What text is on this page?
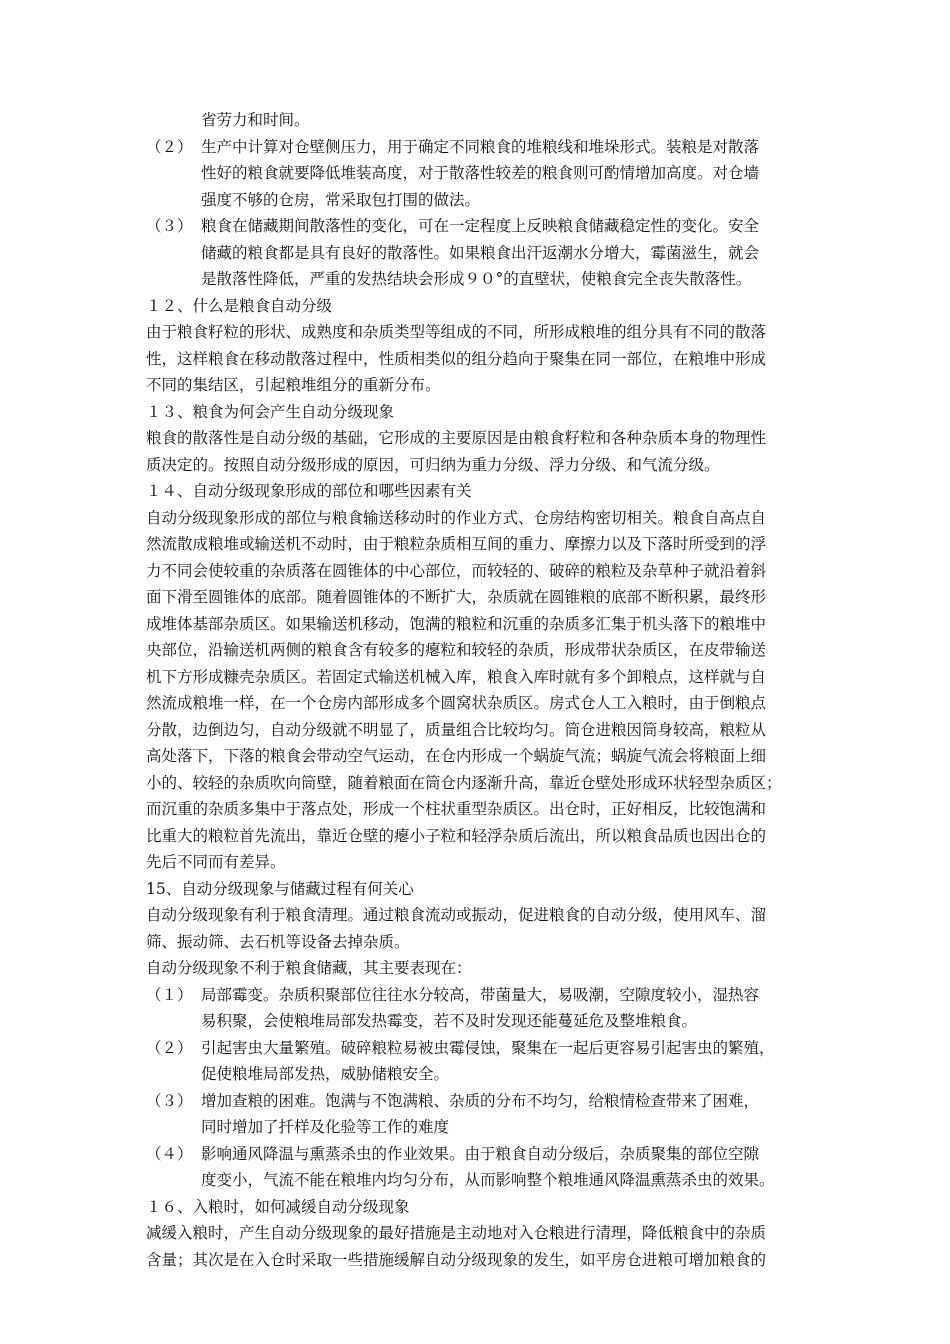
省劳力和时间。
（２） 生产中计算对仓壁侧压力，用于确定不同粮食的堆粮线和堆垛形式。装粮是对散落
性好的粮食就要降低堆装高度，对于散落性较差的粮食则可酌情增加高度。对仓墙
强度不够的仓房，常采取包打围的做法。
（３） 粮食在储藏期间散落性的变化，可在一定程度上反映粮食储藏稳定性的变化。安全
储藏的粮食都是具有良好的散落性。如果粮食出汗返潮水分增大，霉菌滋生，就会
是散落性降低，严重的发热结块会形成９０°的直壁状，使粮食完全丧失散落性。
１２、什么是粮食自动分级
由于粮食籽粒的形状、成熟度和杂质类型等组成的不同，所形成粮堆的组分具有不同的散落
性，这样粮食在移动散落过程中，性质相类似的组分趋向于聚集在同一部位，在粮堆中形成
不同的集结区，引起粮堆组分的重新分布。
１３、粮食为何会产生自动分级现象
粮食的散落性是自动分级的基础，它形成的主要原因是由粮食籽粒和各种杂质本身的物理性
质决定的。按照自动分级形成的原因，可归纳为重力分级、浮力分级、和气流分级。
１４、自动分级现象形成的部位和哪些因素有关
自动分级现象形成的部位与粮食输送移动时的作业方式、仓房结构密切相关。粮食自高点自
然流散成粮堆或输送机不动时，由于粮粒杂质相互间的重力、摩擦力以及下落时所受到的浮
力不同会使较重的杂质落在圆锥体的中心部位，而较轻的、破碎的粮粒及杂草种子就沿着斜
面下滑至圆锥体的底部。随着圆锥体的不断扩大，杂质就在圆锥粮的底部不断积累，最终形
成堆体基部杂质区。如果输送机移动，饱满的粮粒和沉重的杂质多汇集于机头落下的粮堆中
央部位，沿输送机两侧的粮食含有较多的瘪粒和较轻的杂质，形成带状杂质区，在皮带输送
机下方形成糠壳杂质区。若固定式输送机械入库，粮食入库时就有多个卸粮点，这样就与自
然流成粮堆一样，在一个仓房内部形成多个圆窝状杂质区。房式仓人工入粮时，由于倒粮点
分散，边倒边匀，自动分级就不明显了，质量组合比较均匀。筒仓进粮因筒身较高，粮粒从
高处落下，下落的粮食会带动空气运动，在仓内形成一个蜗旋气流；蜗旋气流会将粮面上细
小的、较轻的杂质吹向筒壁，随着粮面在筒仓内逐渐升高，靠近仓壁处形成环状轻型杂质区；
而沉重的杂质多集中于落点处，形成一个柱状重型杂质区。出仓时，正好相反，比较饱满和
比重大的粮粒首先流出，靠近仓壁的瘪小子粒和轻浮杂质后流出，所以粮食品质也因出仓的
先后不同而有差异。
15、自动分级现象与储藏过程有何关心
自动分级现象有利于粮食清理。通过粮食流动或振动，促进粮食的自动分级，使用风车、溜
筛、振动筛、去石机等设备去掉杂质。
自动分级现象不利于粮食储藏，其主要表现在：
（１） 局部霉变。杂质积聚部位往往水分较高，带菌量大，易吸潮，空隙度较小，湿热容
易积聚，会使粮堆局部发热霉变，若不及时发现还能蔓延危及整堆粮食。
（２） 引起害虫大量繁殖。破碎粮粒易被虫霉侵蚀，聚集在一起后更容易引起害虫的繁殖，
促使粮堆局部发热，威胁储粮安全。
（３） 增加查粮的困难。饱满与不饱满粮、杂质的分布不均匀，给粮情检查带来了困难，
同时增加了扦样及化验等工作的难度
（４） 影响通风降温与熏蒸杀虫的作业效果。由于粮食自动分级后，杂质聚集的部位空隙
度变小，气流不能在粮堆内均匀分布，从而影响整个粮堆通风降温熏蒸杀虫的效果。
１６、入粮时，如何减缓自动分级现象
减缓入粮时，产生自动分级现象的最好措施是主动地对入仓粮进行清理，降低粮食中的杂质
含量；其次是在入仓时采取一些措施缓解自动分级现象的发生，如平房仓进粮可增加粮食的
